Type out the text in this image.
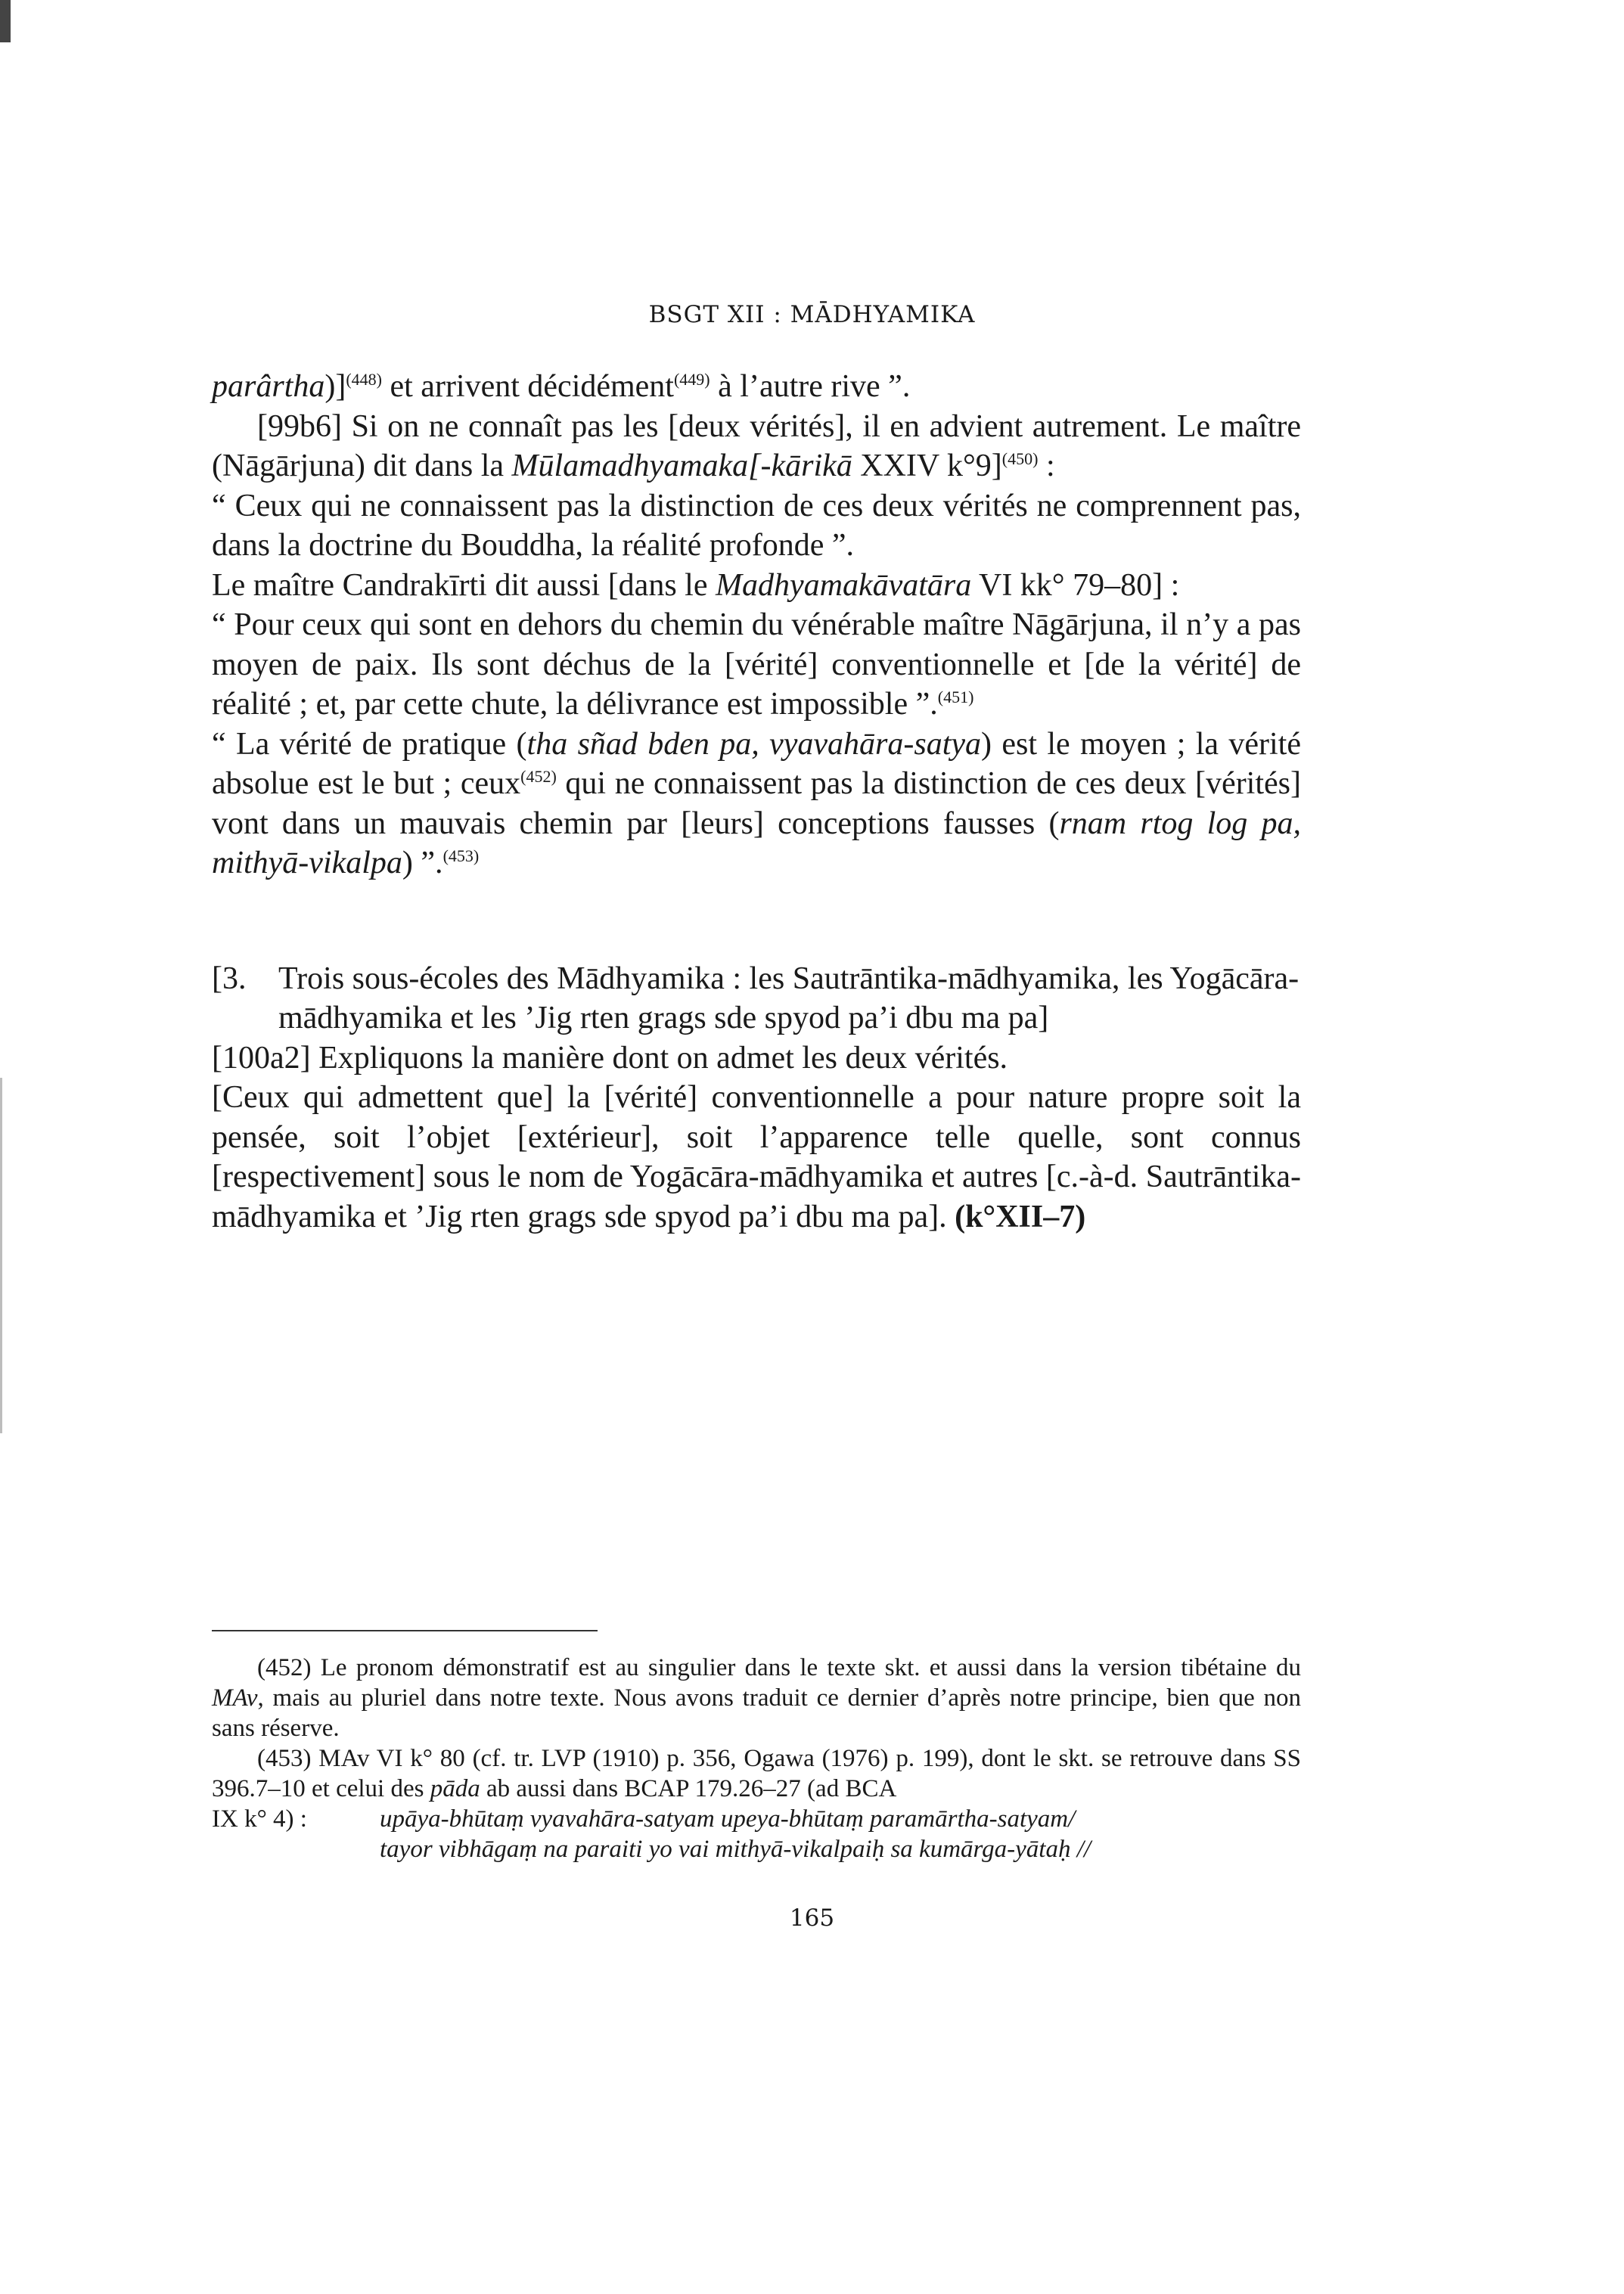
BSGT XII : MĀDHYAMIKA

parârtha)]$^{(448)}$ et arrivent décidément$^{(449)}$ à l’autre rive ”.

[99b6] Si on ne connaît pas les [deux vérités], il en advient autrement. Le maître (Nāgārjuna) dit dans la Mūlamadhyamaka[-kārikā XXIV k°9]$^{(450)}$ :

“ Ceux qui ne connaissent pas la distinction de ces deux vérités ne comprennent pas, dans la doctrine du Bouddha, la réalité profonde ”.

Le maître Candrakīrti dit aussi [dans le Madhyamakāvatāra VI kk° 79–80] :

“ Pour ceux qui sont en dehors du chemin du vénérable maître Nāgārjuna, il n’y a pas moyen de paix. Ils sont déchus de la [vérité] conventionnelle et [de la vérité] de réalité ; et, par cette chute, la délivrance est impossible ”.$^{(451)}$

“ La vérité de pratique (tha sñad bden pa, vyavahāra-satya) est le moyen ; la vérité absolue est le but ; ceux$^{(452)}$ qui ne connaissent pas la distinction de ces deux [vérités] vont dans un mauvais chemin par [leurs] conceptions fausses (rnam rtog log pa, mithyā-vikalpa) ”.$^{(453)}$

[3.	Trois sous-écoles des Mādhyamika : les Sautrāntika-mādhyamika, les Yogācāra-mādhyamika et les ’Jig rten grags sde spyod pa’i dbu ma pa]

[100a2] Expliquons la manière dont on admet les deux vérités.

[Ceux qui admettent que] la [vérité] conventionnelle a pour nature propre soit la pensée, soit l’objet [extérieur], soit l’apparence telle quelle, sont connus [respectivement] sous le nom de Yogācāra-mādhyamika et autres [c.-à-d. Sautrāntika-mādhyamika et ’Jig rten grags sde spyod pa’i dbu ma pa]. (k°XII–7)

(452) Le pronom démonstratif est au singulier dans le texte skt. et aussi dans la version tibétaine du MAv, mais au pluriel dans notre texte. Nous avons traduit ce dernier d’après notre principe, bien que non sans réserve.

(453) MAv VI k° 80 (cf. tr. LVP (1910) p. 356, Ogawa (1976) p. 199), dont le skt. se retrouve dans SS 396.7–10 et celui des pāda ab aussi dans BCAP 179.26–27 (ad BCA

IX k° 4) :	upāya-bhūtaṃ vyavahāra-satyam upeya-bhūtaṃ paramārtha-satyam/
tayor vibhāgaṃ na paraiti yo vai mithyā-vikalpaiḥ sa kumārga-yātaḥ //
165
